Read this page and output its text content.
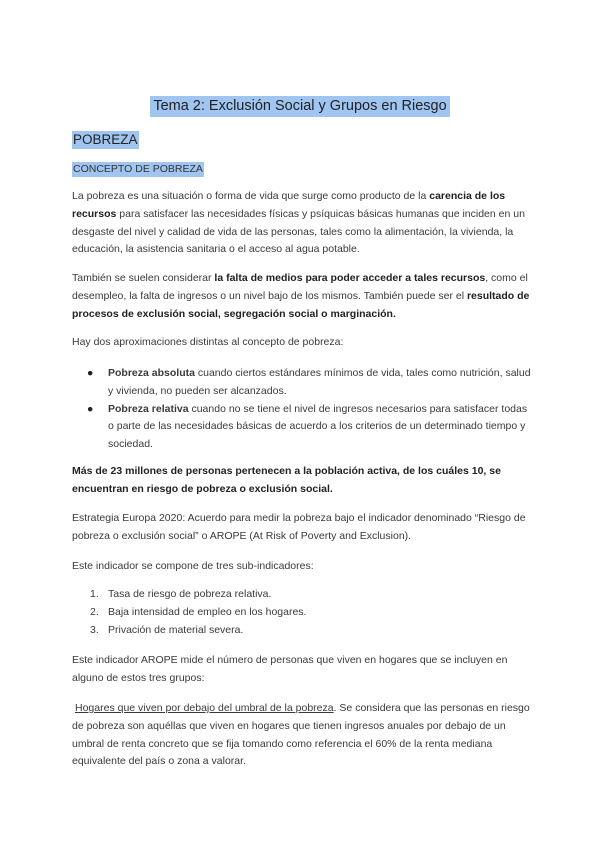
Tema 2: Exclusión Social y Grupos en Riesgo
POBREZA
CONCEPTO DE POBREZA

La pobreza es una situación o forma de vida que surge como producto de la carencia de los recursos para satisfacer las necesidades físicas y psíquicas básicas humanas que inciden en un desgaste del nivel y calidad de vida de las personas, tales como la alimentación, la vivienda, la educación, la asistencia sanitaria o el acceso al agua potable.

También se suelen considerar la falta de medios para poder acceder a tales recursos, como el desempleo, la falta de ingresos o un nivel bajo de los mismos. También puede ser el resultado de procesos de exclusión social, segregación social o marginación.

Hay dos aproximaciones distintas al concepto de pobreza:

● Pobreza absoluta cuando ciertos estándares mínimos de vida, tales como nutrición, salud y vivienda, no pueden ser alcanzados.
● Pobreza relativa cuando no se tiene el nivel de ingresos necesarios para satisfacer todas o parte de las necesidades básicas de acuerdo a los criterios de un determinado tiempo y sociedad.

Más de 23 millones de personas pertenecen a la población activa, de los cuáles 10, se encuentran en riesgo de pobreza o exclusión social.

Estrategia Europa 2020: Acuerdo para medir la pobreza bajo el indicador denominado “Riesgo de pobreza o exclusión social” o AROPE (At Risk of Poverty and Exclusion).

Este indicador se compone de tres sub-indicadores:

1. Tasa de riesgo de pobreza relativa.
2. Baja intensidad de empleo en los hogares.
3. Privación de material severa.

Este indicador AROPE mide el número de personas que viven en hogares que se incluyen en alguno de estos tres grupos:

Hogares que viven por debajo del umbral de la pobreza. Se considera que las personas en riesgo de pobreza son aquéllas que viven en hogares que tienen ingresos anuales por debajo de un umbral de renta concreto que se fija tomando como referencia el 60% de la renta mediana equivalente del país o zona a valorar.
